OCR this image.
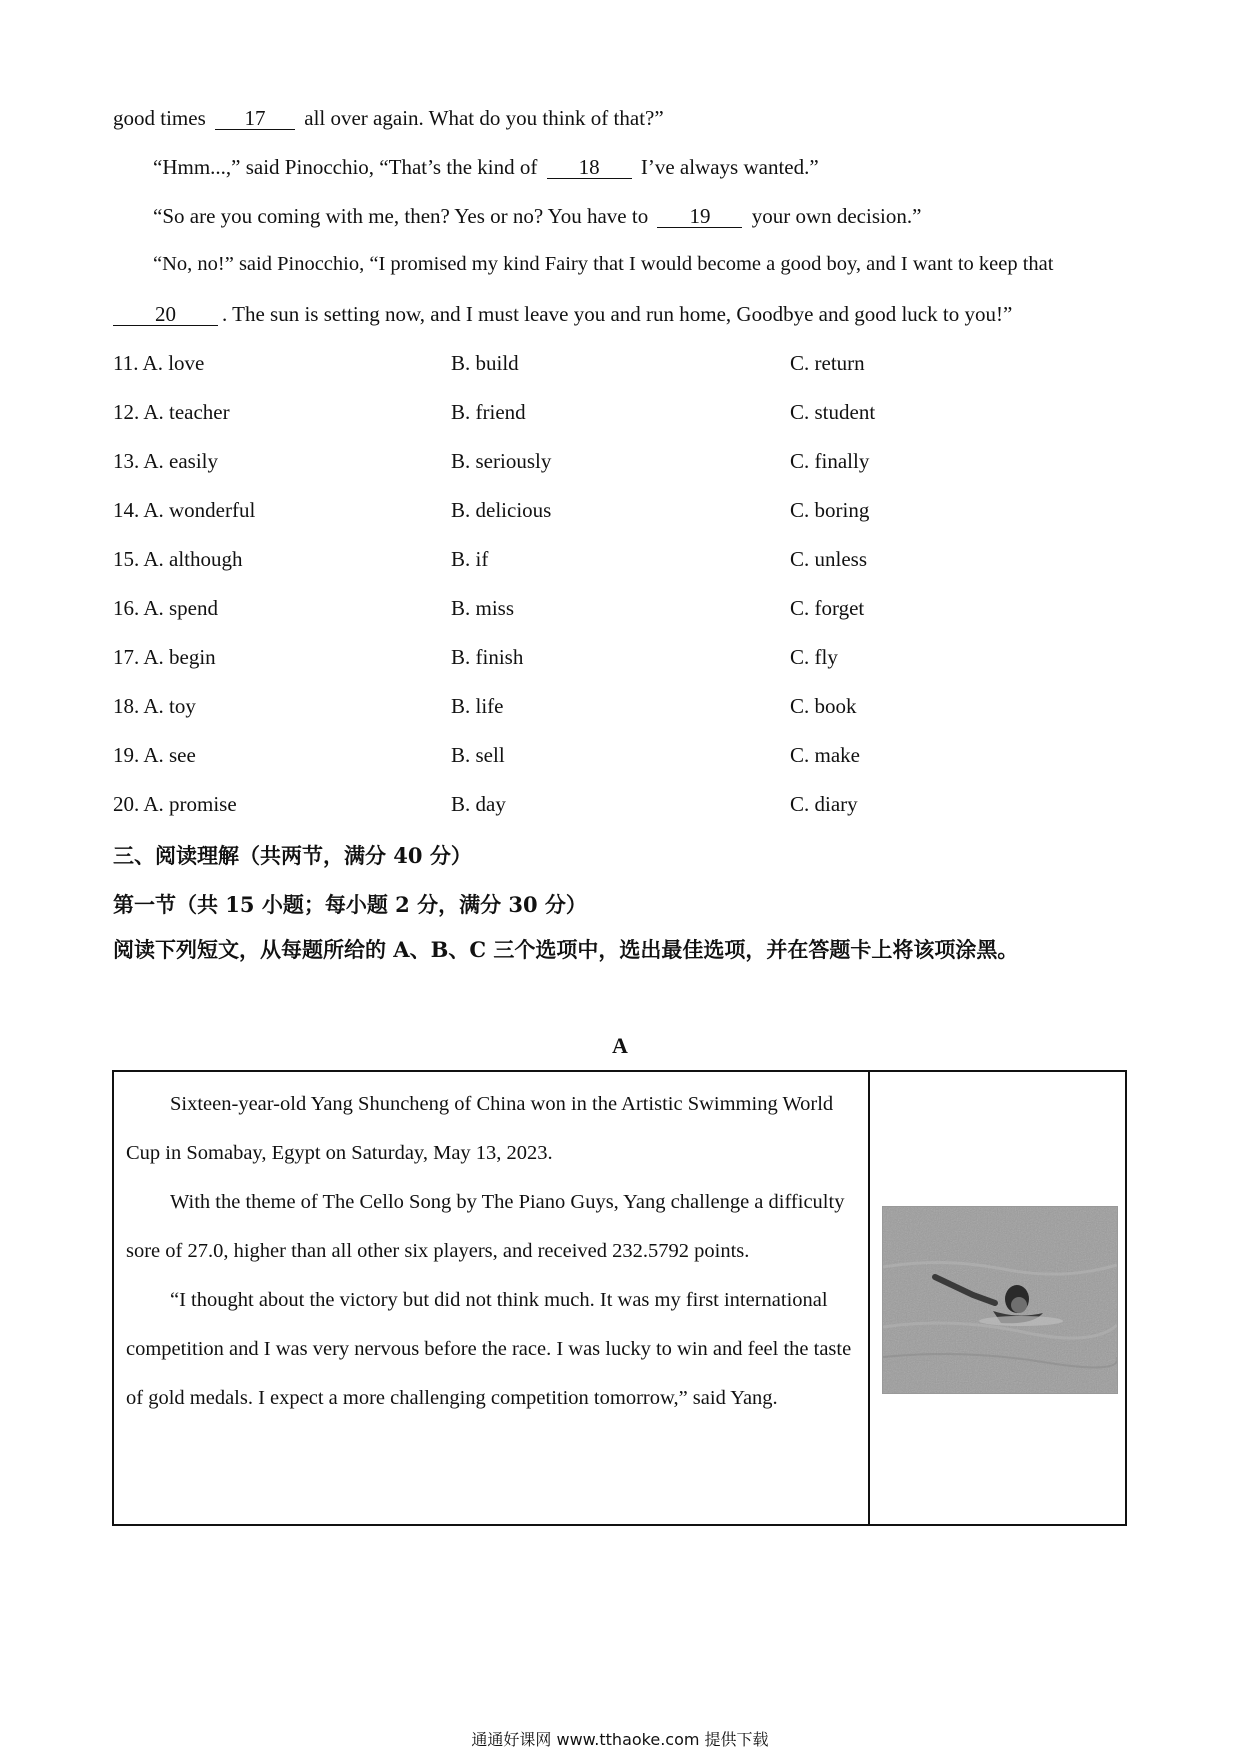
good times 17 all over again. What do you think of that?”
“Hmm...,” said Pinocchio, “That’s the kind of 18 I’ve always wanted.”
“So are you coming with me, then? Yes or no? You have to 19 your own decision.”
“No, no!” said Pinocchio, “I promised my kind Fairy that I would become a good boy, and I want to keep that
20 . The sun is setting now, and I must leave you and run home, Goodbye and good luck to you!”
11. A. love	B. build	C. return
12. A. teacher	B. friend	C. student
13. A. easily	B. seriously	C. finally
14. A. wonderful	B. delicious	C. boring
15. A. although	B. if	C. unless
16. A. spend	B. miss	C. forget
17. A. begin	B. finish	C. fly
18. A. toy	B. life	C. book
19. A. see	B. sell	C. make
20. A. promise	B. day	C. diary
三、阅读理解（共两节，满分 40 分）
第一节（共 15 小题；每小题 2 分，满分 30 分）
阅读下列短文，从每题所给的 A、B、C 三个选项中，选出最佳选项，并在答题卡上将该项涂黑。
A

Sixteen-year-old Yang Shuncheng of China won in the Artistic Swimming World Cup in Somabay, Egypt on Saturday, May 13, 2023.

With the theme of The Cello Song by The Piano Guys, Yang challenge a difficulty sore of 27.0, higher than all other six players, and received 232.5792 points.

“I thought about the victory but did not think much. It was my first international competition and I was very nervous before the race. I was lucky to win and feel the taste of gold medals. I expect a more challenging competition tomorrow,” said Yang.

通通好课网 www.tthaoke.com 提供下载
